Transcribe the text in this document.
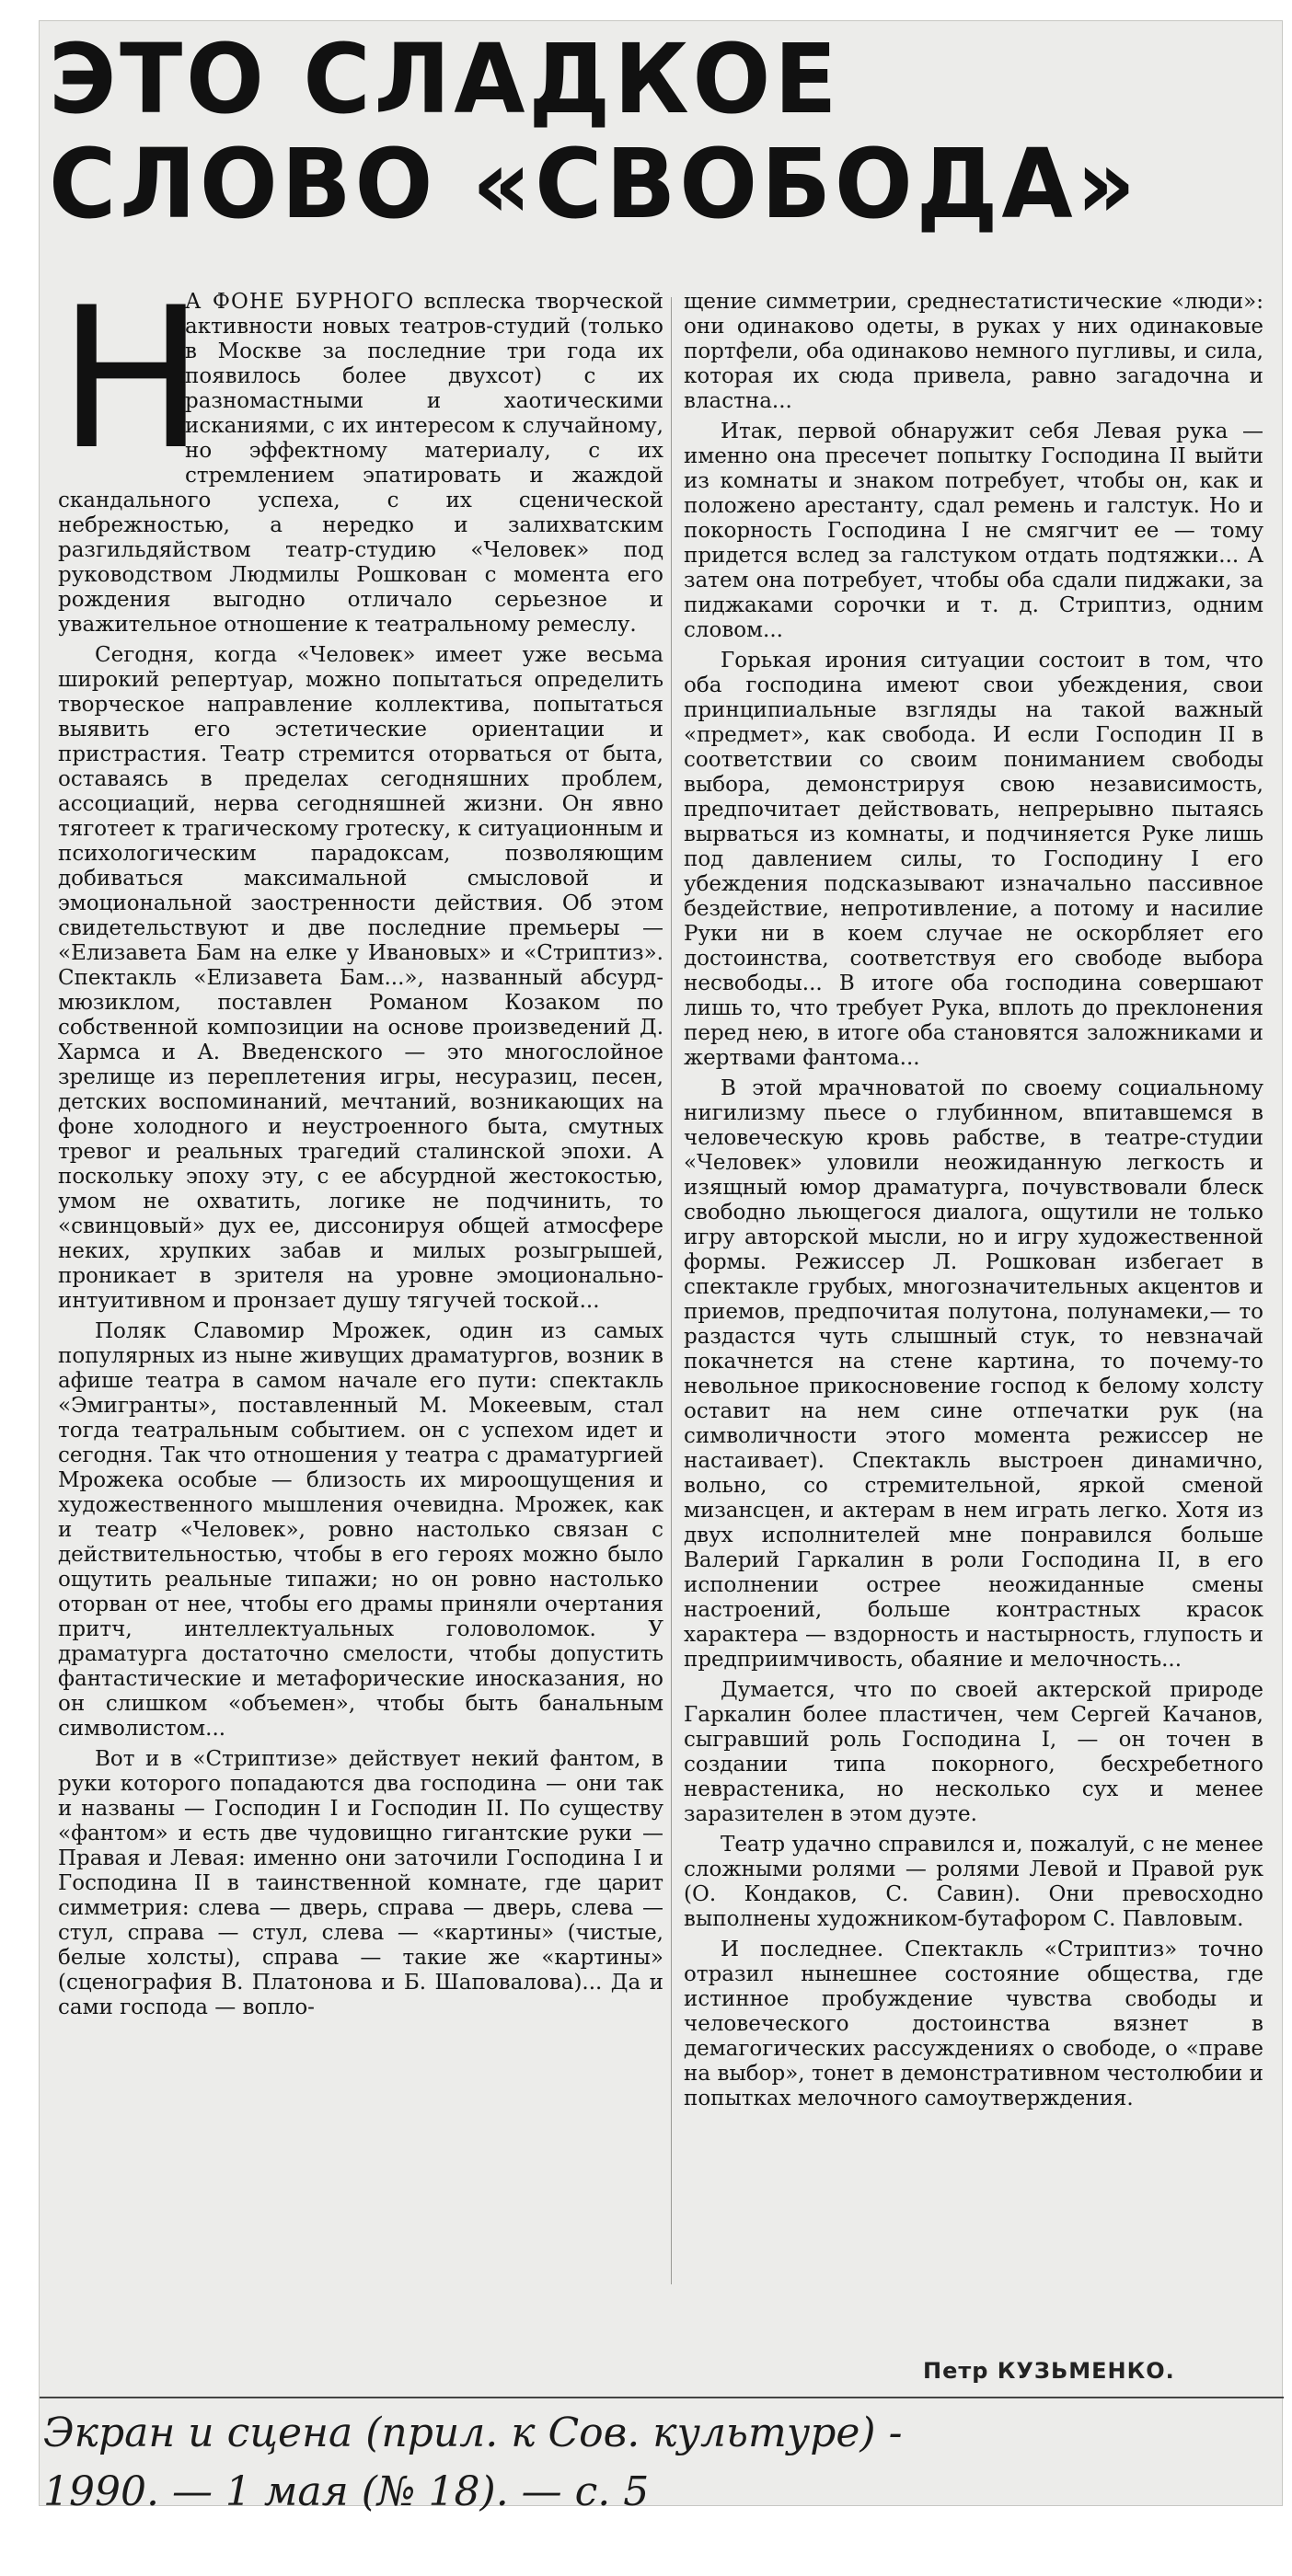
ЭТО СЛАДКОЕ
СЛОВО «СВОБОДА»

Н
А ФОНЕ БУРНОГО всплеска творческой активности новых театров-студий (только в Москве за последние три года их появилось более двухсот) с их разномастными и хаотическими исканиями, с их интересом к случайному, но эффектному материалу, с их стремлением эпатировать и жаждой скандального успеха, с их сценической небрежностью, а нередко и залихватским разгильдяйством театр-студию «Человек» под руководством Людмилы Рошкован с момента его рождения выгодно отличало серьезное и уважительное отношение к театральному ремеслу.

Сегодня, когда «Человек» имеет уже весьма широкий репертуар, можно попытаться определить творческое направление коллектива, попытаться выявить его эстетические ориентации и пристрастия. Театр стремится оторваться от быта, оставаясь в пределах сегодняшних проблем, ассоциаций, нерва сегодняшней жизни. Он явно тяготеет к трагическому гротеску, к ситуационным и психологическим парадоксам, позволяющим добиваться максимальной смысловой и эмоциональной заостренности действия. Об этом свидетельствуют и две последние премьеры — «Елизавета Бам на елке у Ивановых» и «Стриптиз». Спектакль «Елизавета Бам...», названный абсурд-мюзиклом, поставлен Романом Козаком по собственной композиции на основе произведений Д. Хармса и А. Введенского — это многослойное зрелище из переплетения игры, несуразиц, песен, детских воспоминаний, мечтаний, возникающих на фоне холодного и неустроенного быта, смутных тревог и реальных трагедий сталинской эпохи. А поскольку эпоху эту, с ее абсурдной жестокостью, умом не охватить, логике не подчинить, то «свинцовый» дух ее, диссонируя общей атмосфере неких, хрупких забав и милых розыгрышей, проникает в зрителя на уровне эмоционально-интуитивном и пронзает душу тягучей тоской...

Поляк Славомир Мрожек, один из самых популярных из ныне живущих драматургов, возник в афише театра в самом начале его пути: спектакль «Эмигранты», поставленный М. Мокеевым, стал тогда театральным событием. он с успехом идет и сегодня. Так что отношения у театра с драматургией Мрожека особые — близость их мироощущения и художественного мышления очевидна. Мрожек, как и театр «Человек», ровно настолько связан с действительностью, чтобы в его героях можно было ощутить реальные типажи; но он ровно настолько оторван от нее, чтобы его драмы приняли очертания притч, интеллектуальных головоломок. У драматурга достаточно смелости, чтобы допустить фантастические и метафорические иносказания, но он слишком «объемен», чтобы быть банальным символистом...

Вот и в «Стриптизе» действует некий фантом, в руки которого попадаются два господина — они так и названы — Господин I и Господин II. По существу «фантом» и есть две чудовищно гигантские руки — Правая и Левая: именно они заточили Господина I и Господина II в таинственной комнате, где царит симметрия: слева — дверь, справа — дверь, слева — стул, справа — стул, слева — «картины» (чистые, белые холсты), справа — такие же «картины» (сценография В. Платонова и Б. Шаповалова)... Да и сами господа — вопло-

щение симметрии, среднестатистические «люди»: они одинаково одеты, в руках у них одинаковые портфели, оба одинаково немного пугливы, и сила, которая их сюда привела, равно загадочна и властна...

Итак, первой обнаружит себя Левая рука — именно она пресечет попытку Господина II выйти из комнаты и знаком потребует, чтобы он, как и положено арестанту, сдал ремень и галстук. Но и покорность Господина I не смягчит ее — тому придется вслед за галстуком отдать подтяжки... А затем она потребует, чтобы оба сдали пиджаки, за пиджаками сорочки и т. д. Стриптиз, одним словом...

Горькая ирония ситуации состоит в том, что оба господина имеют свои убеждения, свои принципиальные взгляды на такой важный «предмет», как свобода. И если Господин II в соответствии со своим пониманием свободы выбора, демонстрируя свою независимость, предпочитает действовать, непрерывно пытаясь вырваться из комнаты, и подчиняется Руке лишь под давлением силы, то Господину I его убеждения подсказывают изначально пассивное бездействие, непротивление, а потому и насилие Руки ни в коем случае не оскорбляет его достоинства, соответствуя его свободе выбора несвободы... В итоге оба господина совершают лишь то, что требует Рука, вплоть до преклонения перед нею, в итоге оба становятся заложниками и жертвами фантома...

В этой мрачноватой по своему социальному нигилизму пьесе о глубинном, впитавшемся в человеческую кровь рабстве, в театре-студии «Человек» уловили неожиданную легкость и изящный юмор драматурга, почувствовали блеск свободно льющегося диалога, ощутили не только игру авторской мысли, но и игру художественной формы. Режиссер Л. Рошкован избегает в спектакле грубых, многозначительных акцентов и приемов, предпочитая полутона, полунамеки,— то раздастся чуть слышный стук, то невзначай покачнется на стене картина, то почему-то невольное прикосновение господ к белому холсту оставит на нем сине отпечатки рук (на символичности этого момента режиссер не настаивает). Спектакль выстроен динамично, вольно, со стремительной, яркой сменой мизансцен, и актерам в нем играть легко. Хотя из двух исполнителей мне понравился больше Валерий Гаркалин в роли Господина II, в его исполнении острее неожиданные смены настроений, больше контрастных красок характера — вздорность и настырность, глупость и предприимчивость, обаяние и мелочность...

Думается, что по своей актерской природе Гаркалин более пластичен, чем Сергей Качанов, сыгравший роль Господина I, — он точен в создании типа покорного, бесхребетного неврастеника, но несколько сух и менее заразителен в этом дуэте.

Театр удачно справился и, пожалуй, с не менее сложными ролями — ролями Левой и Правой рук (О. Кондаков, С. Савин). Они превосходно выполнены художником-бутафором С. Павловым.

И последнее. Спектакль «Стриптиз» точно отразил нынешнее состояние общества, где истинное пробуждение чувства свободы и человеческого достоинства вязнет в демагогических рассуждениях о свободе, о «праве на выбор», тонет в демонстративном честолюбии и попытках мелочного самоутверждения.

Петр КУЗЬМЕНКО.
Экран и сцена (прил. к Сов. культуре) -
1990. — 1 мая (№ 18). — с. 5
